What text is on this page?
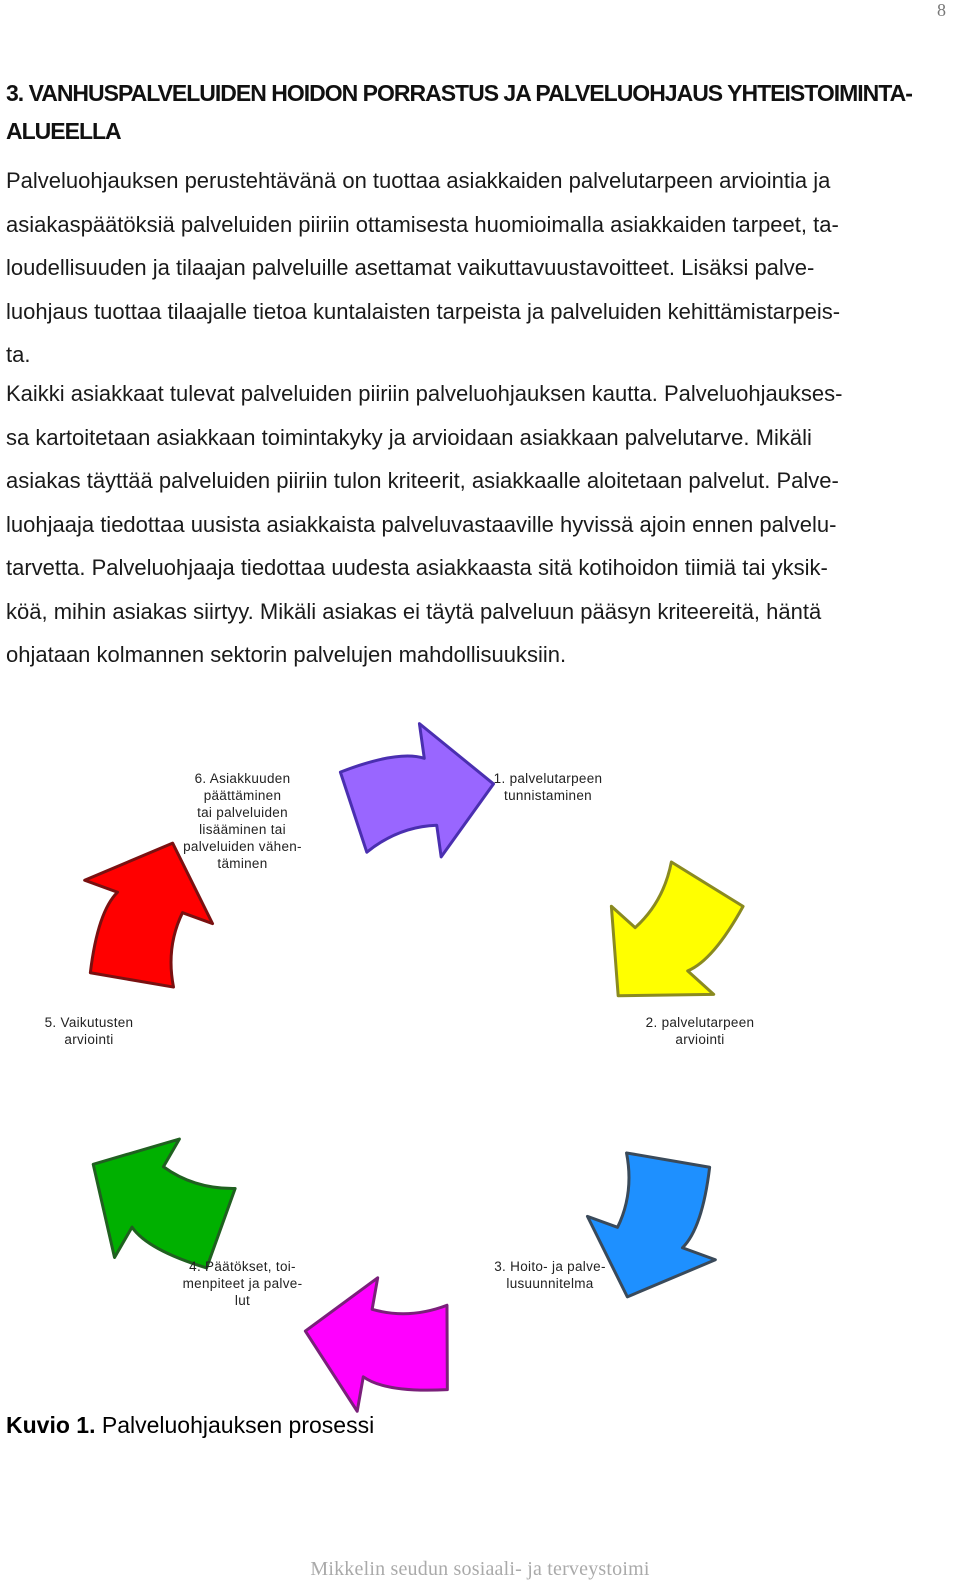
8
3. VANHUSPALVELUIDEN HOIDON PORRASTUS JA PALVELUOHJAUS YHTEISTOIMINTA-ALUEELLA

Palveluohjauksen perustehtävänä on tuottaa asiakkaiden palvelutarpeen arviointia ja
asiakaspäätöksiä palveluiden piiriin ottamisesta huomioimalla asiakkaiden tarpeet, ta-
loudellisuuden ja tilaajan palveluille asettamat vaikuttavuustavoitteet. Lisäksi palve-
luohjaus tuottaa tilaajalle tietoa kuntalaisten tarpeista ja palveluiden kehittämistarpeis-
ta.

Kaikki asiakkaat tulevat palveluiden piiriin palveluohjauksen kautta. Palveluohjaukses-
sa kartoitetaan asiakkaan toimintakyky ja arvioidaan asiakkaan palvelutarve. Mikäli
asiakas täyttää palveluiden piiriin tulon kriteerit, asiakkaalle aloitetaan palvelut. Palve-
luohjaaja tiedottaa uusista asiakkaista palveluvastaaville hyvissä ajoin ennen palvelu-
tarvetta. Palveluohjaaja tiedottaa uudesta asiakkaasta sitä kotihoidon tiimiä tai yksik-
köä, mihin asiakas siirtyy. Mikäli asiakas ei täytä palveluun pääsyn kriteereitä, häntä
ohjataan kolmannen sektorin palvelujen mahdollisuuksiin.

1. palvelutarpeen
tunnistaminen
2. palvelutarpeen
arviointi
3. Hoito- ja palve-
lusuunnitelma
4. Päätökset, toi-
menpiteet ja palve-
lut
5. Vaikutusten
arviointi
6. Asiakkuuden
päättäminen
tai palveluiden
lisääminen tai
palveluiden vähen-
täminen
Kuvio 1. Palveluohjauksen prosessi
Mikkelin seudun sosiaali- ja terveystoimi
